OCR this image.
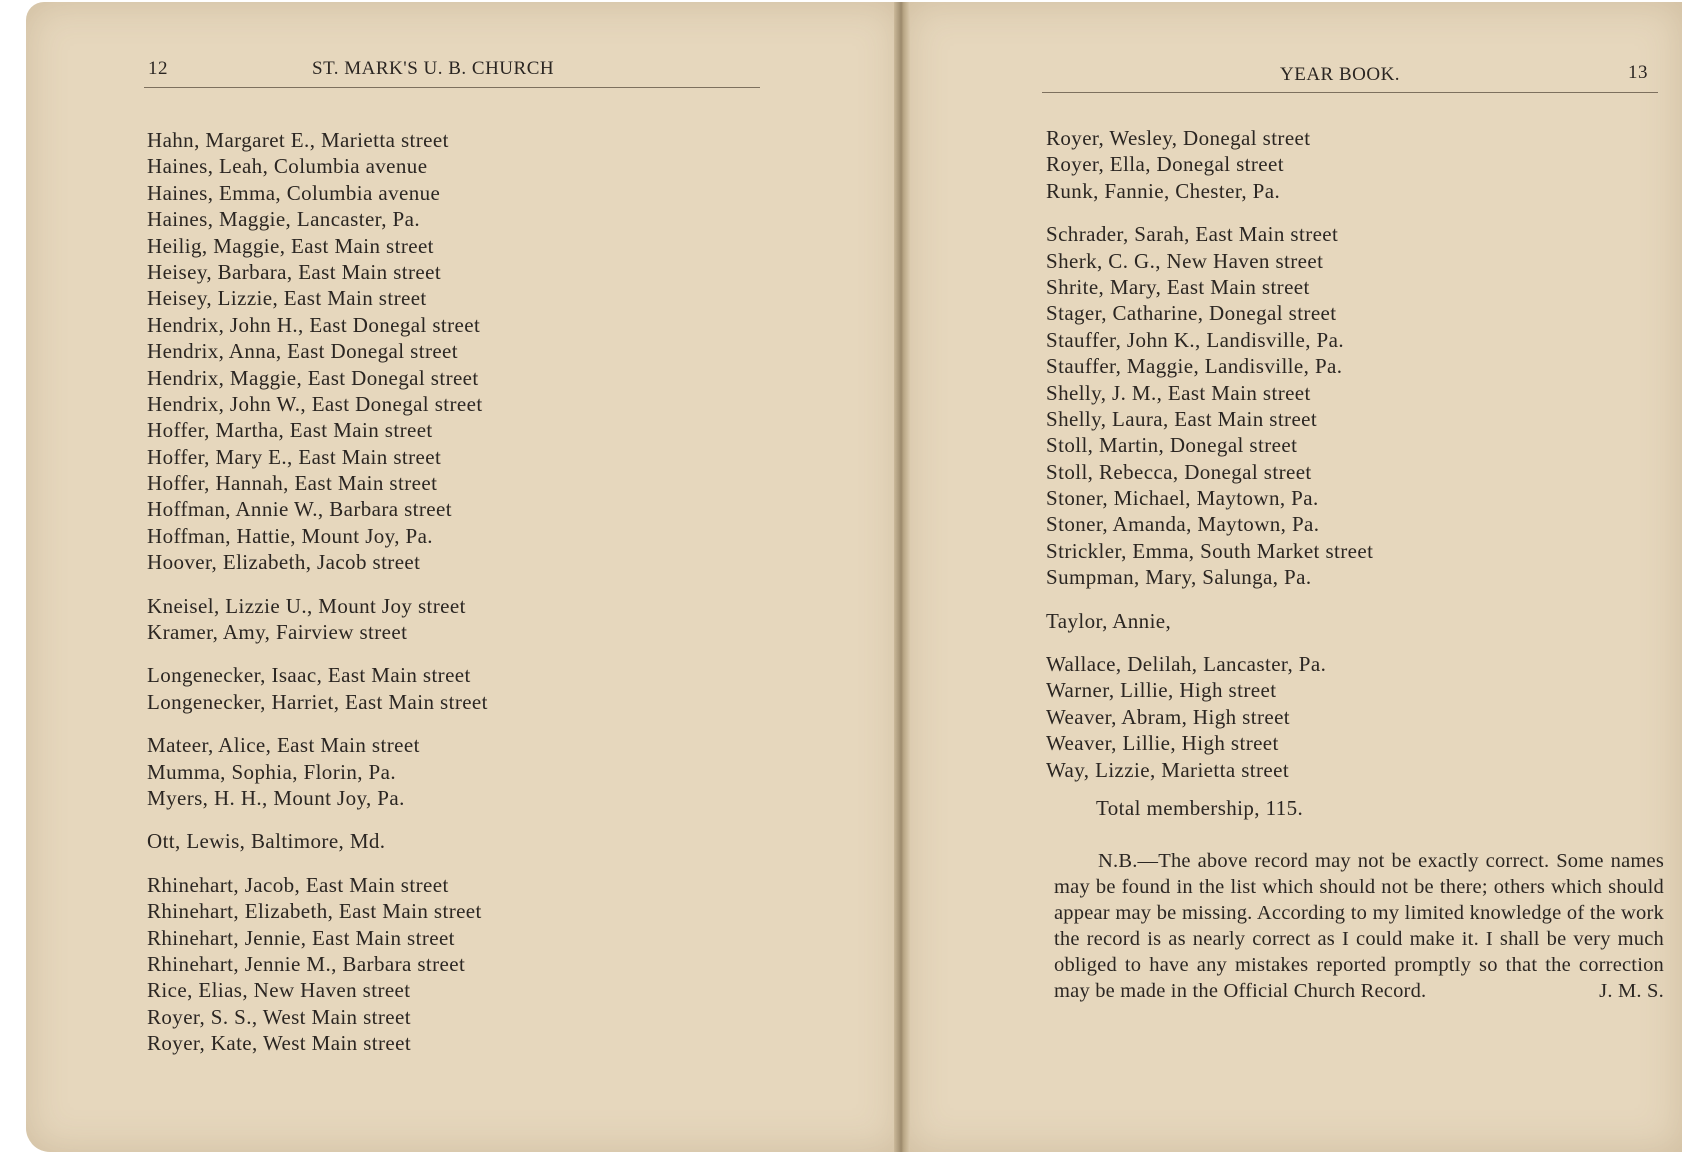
12	ST. MARK'S U. B. CHURCH	YEAR BOOK.	13
Hahn, Margaret E., Marietta street
Haines, Leah, Columbia avenue
Haines, Emma, Columbia avenue
Haines, Maggie, Lancaster, Pa.
Heilig, Maggie, East Main street
Heisey, Barbara, East Main street
Heisey, Lizzie, East Main street
Hendrix, John H., East Donegal street
Hendrix, Anna, East Donegal street
Hendrix, Maggie, East Donegal street
Hendrix, John W., East Donegal street
Hoffer, Martha, East Main street
Hoffer, Mary E., East Main street
Hoffer, Hannah, East Main street
Hoffman, Annie W., Barbara street
Hoffman, Hattie, Mount Joy, Pa.
Hoover, Elizabeth, Jacob street
Kneisel, Lizzie U., Mount Joy street
Kramer, Amy, Fairview street
Longenecker, Isaac, East Main street
Longenecker, Harriet, East Main street
Mateer, Alice, East Main street
Mumma, Sophia, Florin, Pa.
Myers, H. H., Mount Joy, Pa.
Ott, Lewis, Baltimore, Md.
Rhinehart, Jacob, East Main street
Rhinehart, Elizabeth, East Main street
Rhinehart, Jennie, East Main street
Rhinehart, Jennie M., Barbara street
Rice, Elias, New Haven street
Royer, S. S., West Main street
Royer, Kate, West Main street
Royer, Wesley, Donegal street
Royer, Ella, Donegal street
Runk, Fannie, Chester, Pa.
Schrader, Sarah, East Main street
Sherk, C. G., New Haven street
Shrite, Mary, East Main street
Stager, Catharine, Donegal street
Stauffer, John K., Landisville, Pa.
Stauffer, Maggie, Landisville, Pa.
Shelly, J. M., East Main street
Shelly, Laura, East Main street
Stoll, Martin, Donegal street
Stoll, Rebecca, Donegal street
Stoner, Michael, Maytown, Pa.
Stoner, Amanda, Maytown, Pa.
Strickler, Emma, South Market street
Sumpman, Mary, Salunga, Pa.
Taylor, Annie,
Wallace, Delilah, Lancaster, Pa.
Warner, Lillie, High street
Weaver, Abram, High street
Weaver, Lillie, High street
Way, Lizzie, Marietta street
Total membership, 115.
N.B.—The above record may not be exactly correct. Some names may be found in the list which should not be there; others which should appear may be missing. According to my limited knowledge of the work the record is as nearly correct as I could make it. I shall be very much obliged to have any mistakes reported promptly so that the correction may be made in the Official Church Record.	J. M. S.
